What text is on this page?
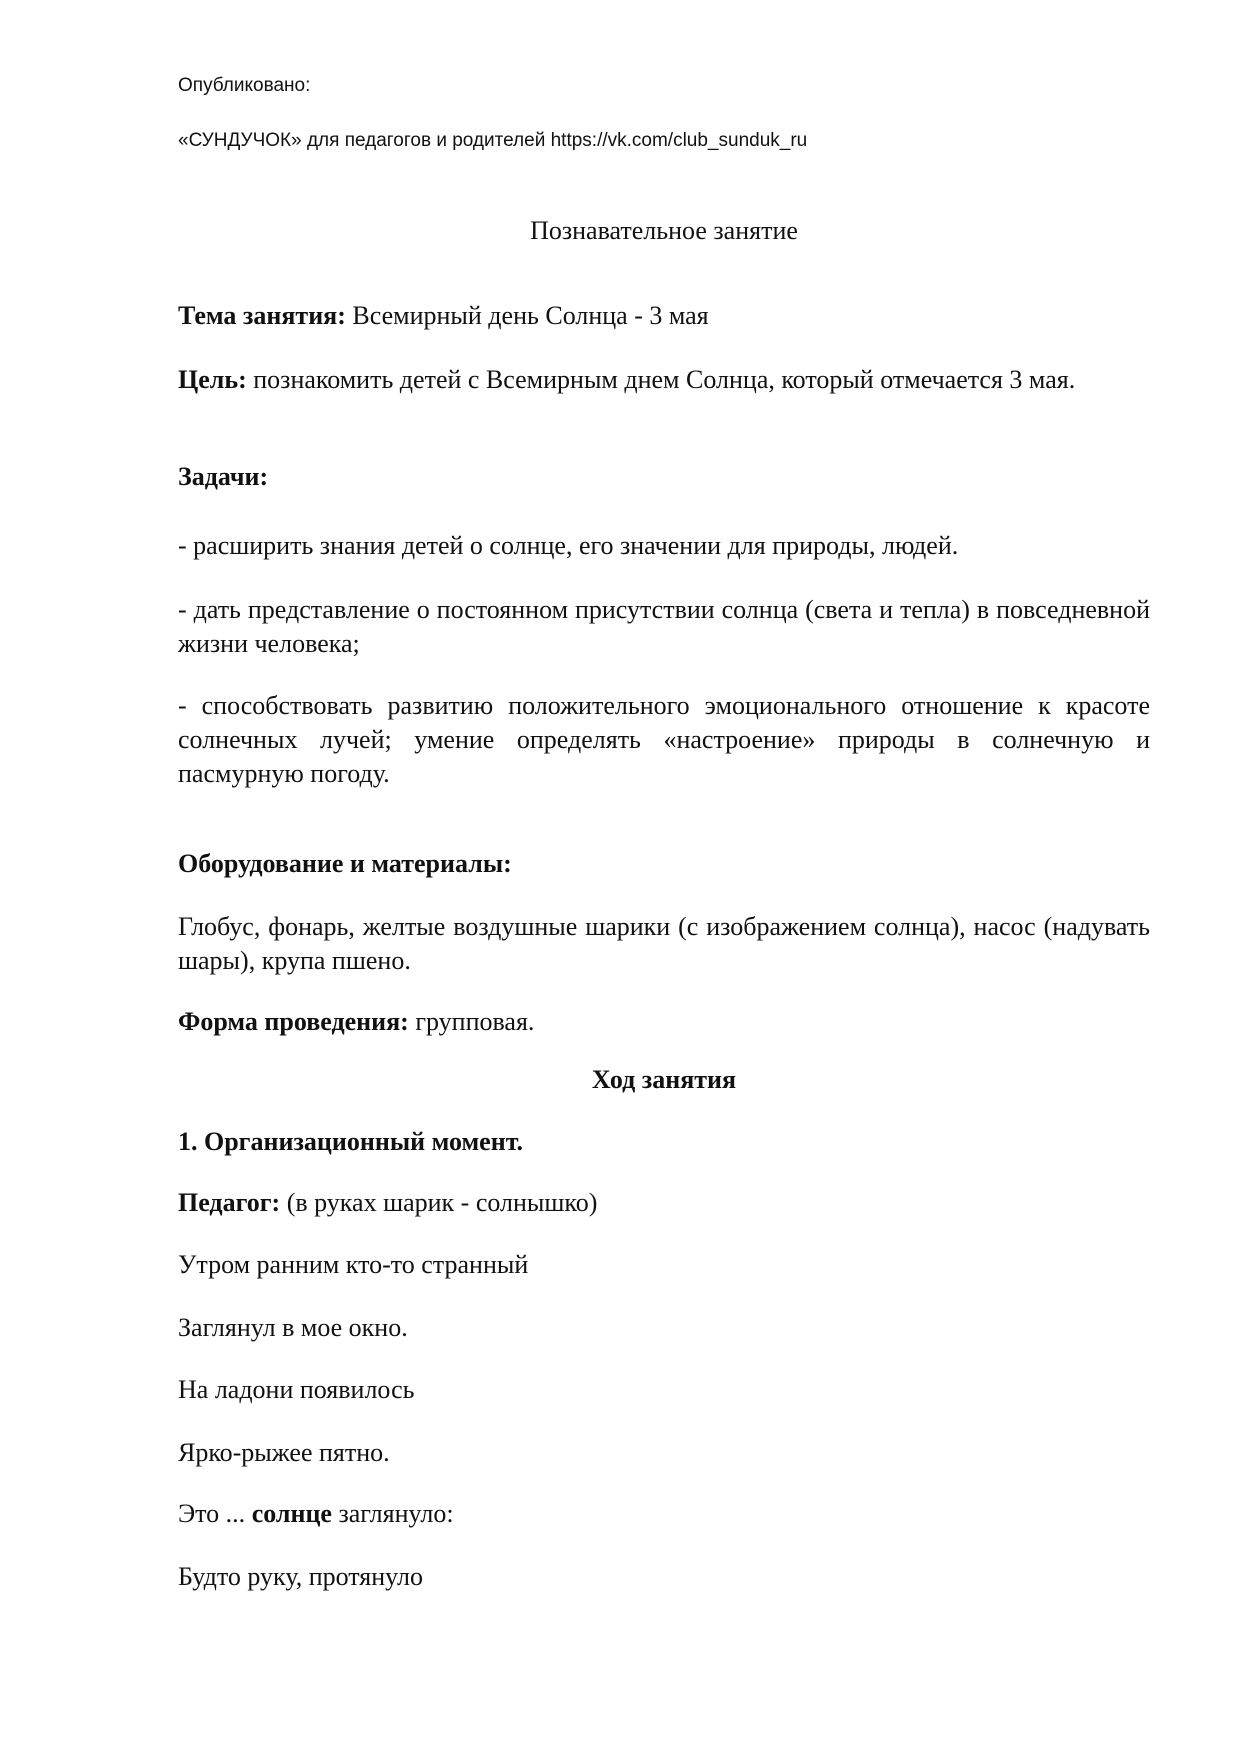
Опубликовано:

«СУНДУЧОК» для педагогов и родителей https://vk.com/club_sunduk_ru

Познавательное занятие

Тема занятия: Всемирный день Солнца - 3 мая

Цель: познакомить детей с Всемирным днем Солнца, который отмечается 3 мая.

Задачи:

- расширить знания детей о солнце, его значении для природы, людей.

- дать представление о постоянном присутствии солнца (света и тепла) в повседневной жизни человека;

- способствовать развитию положительного эмоционального отношение к красоте солнечных лучей; умение определять «настроение» природы в солнечную и пасмурную погоду.

Оборудование и материалы:

Глобус, фонарь, желтые воздушные шарики (с изображением солнца), насос (надувать шары), крупа пшено.

Форма проведения: групповая.

Ход занятия

1. Организационный момент.

Педагог: (в руках шарик - солнышко)

Утром ранним кто-то странный

Заглянул в мое окно.

На ладони появилось

Ярко-рыжее пятно.

Это ... солнце заглянуло:

Будто руку, протянуло
